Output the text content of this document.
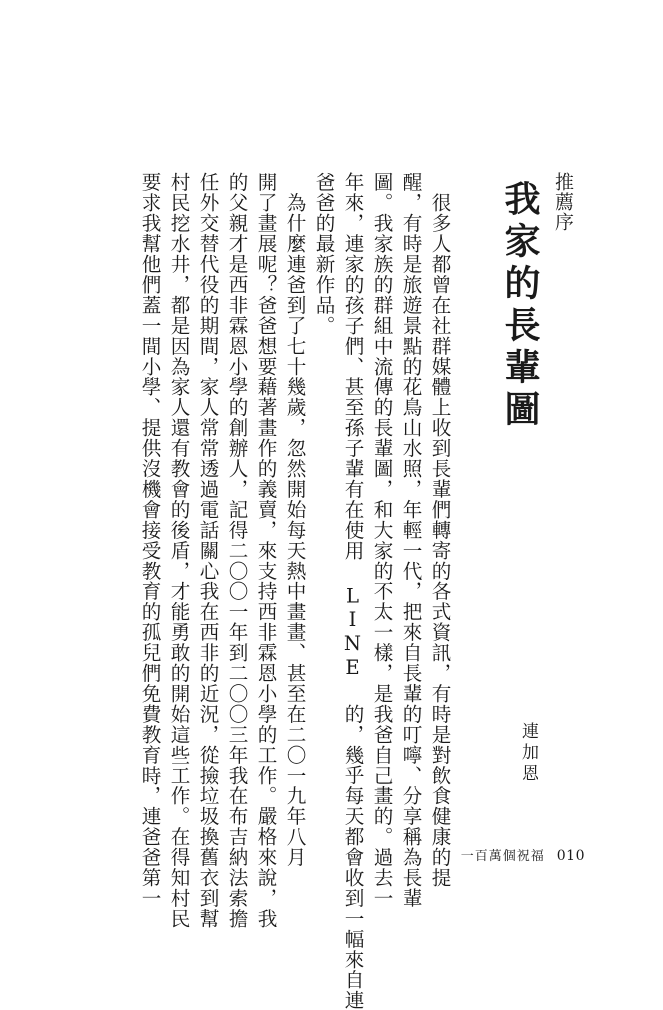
推薦序
我家的長輩圖
連加恩
　很多人都曾在社群媒體上收到長輩們轉寄的各式資訊，有時是對飲食健康的提
醒，有時是旅遊景點的花鳥山水照，年輕一代，把來自長輩的叮嚀、分享稱為長輩
圖。我家族的群組中流傳的長輩圖，和大家的不太一樣，是我爸自己畫的。過去一
年來，連家的孩子們、甚至孫子輩有在使用 LINE 的，幾乎每天都會收到一幅來自連
爸爸的最新作品。
　為什麼連爸到了七十幾歲，忽然開始每天熱中畫畫、甚至在二〇一九年八月
開了畫展呢？爸爸想要藉著畫作的義賣，來支持西非霖恩小學的工作。嚴格來說，我
的父親才是西非霖恩小學的創辦人，記得二〇〇一年到二〇〇三年我在布吉納法索擔
任外交替代役的期間，家人常常透過電話關心我在西非的近況，從撿垃圾換舊衣到幫
村民挖水井，都是因為家人還有教會的後盾，才能勇敢的開始這些工作。在得知村民
要求我幫他們蓋一間小學、提供沒機會接受教育的孤兒們免費教育時，連爸爸第一	一百萬個祝福 010
